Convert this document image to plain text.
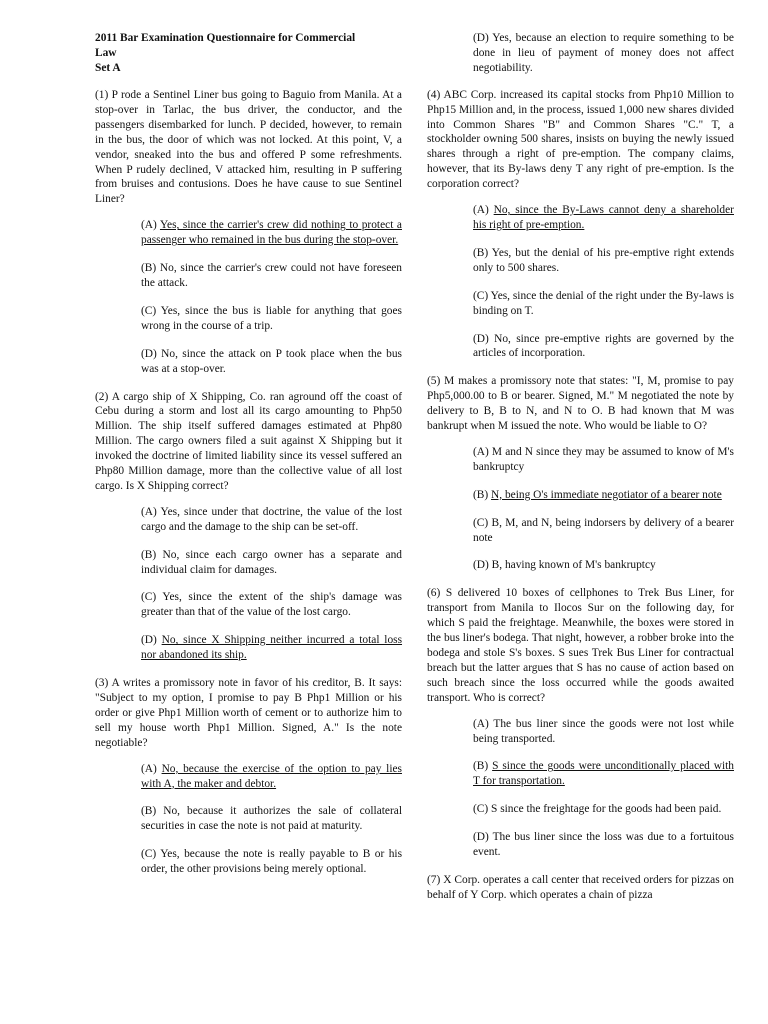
2011 Bar Examination Questionnaire for Commercial
Law
Set A

(1) P rode a Sentinel Liner bus going to Baguio from Manila. At a stop-over in Tarlac, the bus driver, the conductor, and the passengers disembarked for lunch. P decided, however, to remain in the bus, the door of which was not locked. At this point, V, a vendor, sneaked into the bus and offered P some refreshments. When P rudely declined, V attacked him, resulting in P suffering from bruises and contusions. Does he have cause to sue Sentinel Liner?

(A) Yes, since the carrier's crew did nothing to protect a passenger who remained in the bus during the stop-over.

(B) No, since the carrier's crew could not have foreseen the attack.

(C) Yes, since the bus is liable for anything that goes wrong in the course of a trip.

(D) No, since the attack on P took place when the bus was at a stop-over.

(2) A cargo ship of X Shipping, Co. ran aground off the coast of Cebu during a storm and lost all its cargo amounting to Php50 Million. The ship itself suffered damages estimated at Php80 Million. The cargo owners filed a suit against X Shipping but it invoked the doctrine of limited liability since its vessel suffered an Php80 Million damage, more than the collective value of all lost cargo. Is X Shipping correct?

(A) Yes, since under that doctrine, the value of the lost cargo and the damage to the ship can be set-off.

(B) No, since each cargo owner has a separate and individual claim for damages.

(C) Yes, since the extent of the ship's damage was greater than that of the value of the lost cargo.

(D) No, since X Shipping neither incurred a total loss nor abandoned its ship.

(3) A writes a promissory note in favor of his creditor, B. It says: "Subject to my option, I promise to pay B Php1 Million or his order or give Php1 Million worth of cement or to authorize him to sell my house worth Php1 Million. Signed, A." Is the note negotiable?

(A) No, because the exercise of the option to pay lies with A, the maker and debtor.

(B) No, because it authorizes the sale of collateral securities in case the note is not paid at maturity.

(C) Yes, because the note is really payable to B or his order, the other provisions being merely optional.

(D) Yes, because an election to require something to be done in lieu of payment of money does not affect negotiability.

(4) ABC Corp. increased its capital stocks from Php10 Million to Php15 Million and, in the process, issued 1,000 new shares divided into Common Shares "B" and Common Shares "C." T, a stockholder owning 500 shares, insists on buying the newly issued shares through a right of pre-emption. The company claims, however, that its By-laws deny T any right of pre-emption. Is the corporation correct?

(A) No, since the By-Laws cannot deny a shareholder his right of pre-emption.

(B) Yes, but the denial of his pre-emptive right extends only to 500 shares.

(C) Yes, since the denial of the right under the By-laws is binding on T.

(D) No, since pre-emptive rights are governed by the articles of incorporation.

(5) M makes a promissory note that states: "I, M, promise to pay Php5,000.00 to B or bearer. Signed, M." M negotiated the note by delivery to B, B to N, and N to O. B had known that M was bankrupt when M issued the note. Who would be liable to O?

(A) M and N since they may be assumed to know of M's bankruptcy

(B) N, being O's immediate negotiator of a bearer note

(C) B, M, and N, being indorsers by delivery of a bearer note

(D) B, having known of M's bankruptcy

(6) S delivered 10 boxes of cellphones to Trek Bus Liner, for transport from Manila to Ilocos Sur on the following day, for which S paid the freightage. Meanwhile, the boxes were stored in the bus liner's bodega. That night, however, a robber broke into the bodega and stole S's boxes. S sues Trek Bus Liner for contractual breach but the latter argues that S has no cause of action based on such breach since the loss occurred while the goods awaited transport. Who is correct?

(A) The bus liner since the goods were not lost while being transported.

(B) S since the goods were unconditionally placed with T for transportation.

(C) S since the freightage for the goods had been paid.

(D) The bus liner since the loss was due to a fortuitous event.

(7) X Corp. operates a call center that received orders for pizzas on behalf of Y Corp. which operates a chain of pizza
